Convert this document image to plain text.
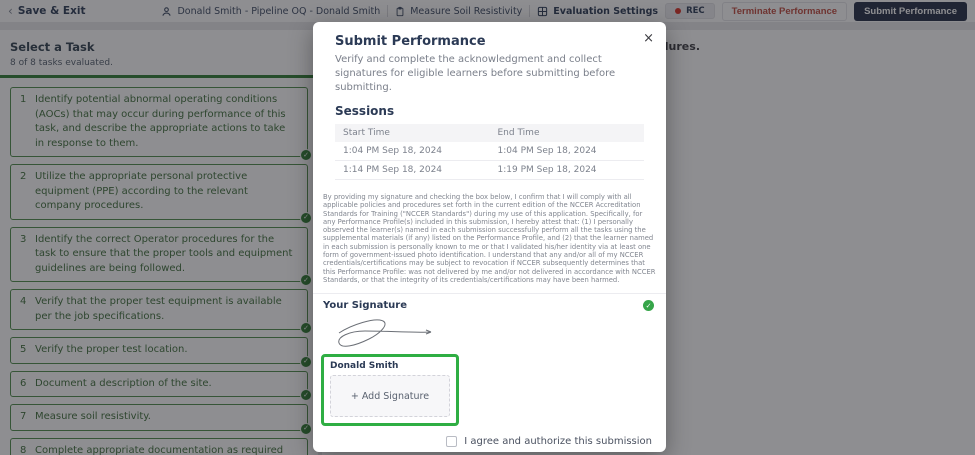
Submit Performance	×
Verify and complete the acknowledgment and collect signatures for eligible learners before submitting before submitting.
Sessions
Start Time	End Time
1:04 PM Sep 18, 2024	1:04 PM Sep 18, 2024
1:14 PM Sep 18, 2024	1:19 PM Sep 18, 2024
By providing my signature and checking the box below, I confirm that I will comply with all applicable policies and procedures set forth in the current edition of the NCCER Accreditation Standards for Training ("NCCER Standards") during my use of this application. Specifically, for any Performance Profile(s) included in this submission, I hereby attest that: (1) I personally observed the learner(s) named in each submission successfully perform all the tasks using the supplemental materials (if any) listed on the Performance Profile, and (2) that the learner named in each submission is personally known to me or that I validated his/her identity via at least one form of government-issued photo identification. I understand that any and/or all of my NCCER credentials/certifications may be subject to revocation if NCCER subsequently determines that this Performance Profile: was not delivered by me and/or not delivered in accordance with NCCER Standards, or that the integrity of its credentials/certifications may have been harmed.
Your Signature	✓
Donald Smith
+ Add Signature
I agree and authorize this submission
